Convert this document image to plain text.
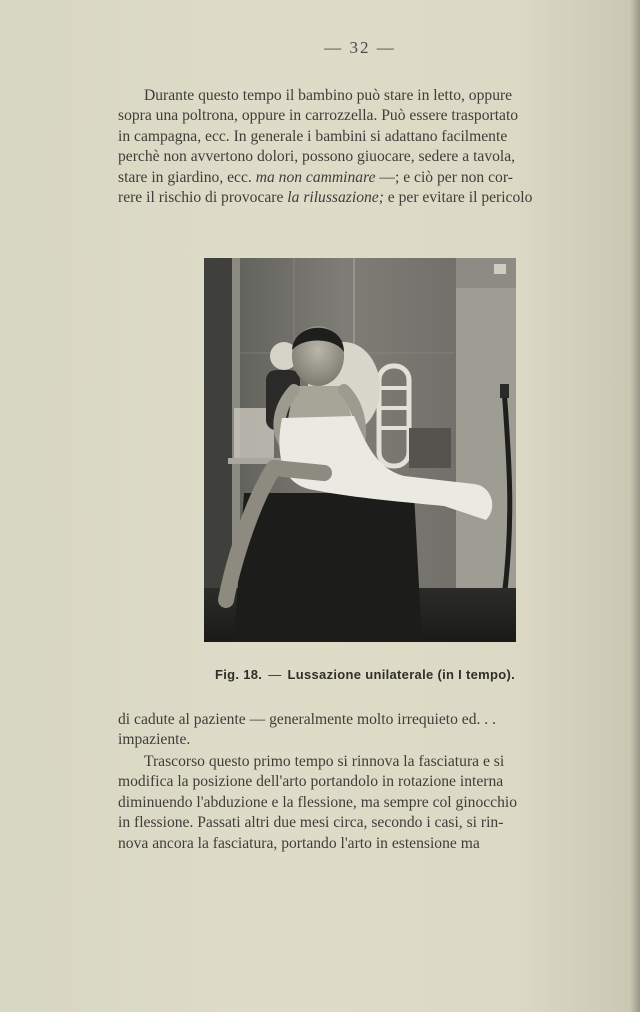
— 32 —
Durante questo tempo il bambino può stare in letto, oppure
sopra una poltrona, oppure in carrozzella. Può essere trasportato
in campagna, ecc. In generale i bambini si adattano facilmente
perchè non avvertono dolori, possono giuocare, sedere a tavola,
stare in giardino, ecc. ma non camminare —; e ciò per non cor-
rere il rischio di provocare la rilussazione; e per evitare il pericolo
Fig. 18. — Lussazione unilaterale (in I tempo).
di cadute al paziente — generalmente molto irrequieto ed. . .
impaziente.
Trascorso questo primo tempo si rinnova la fasciatura e si
modifica la posizione dell'arto portandolo in rotazione interna
diminuendo l'abduzione e la flessione, ma sempre col ginocchio
in flessione. Passati altri due mesi circa, secondo i casi, si rin-
nova ancora la fasciatura, portando l'arto in estensione ma
